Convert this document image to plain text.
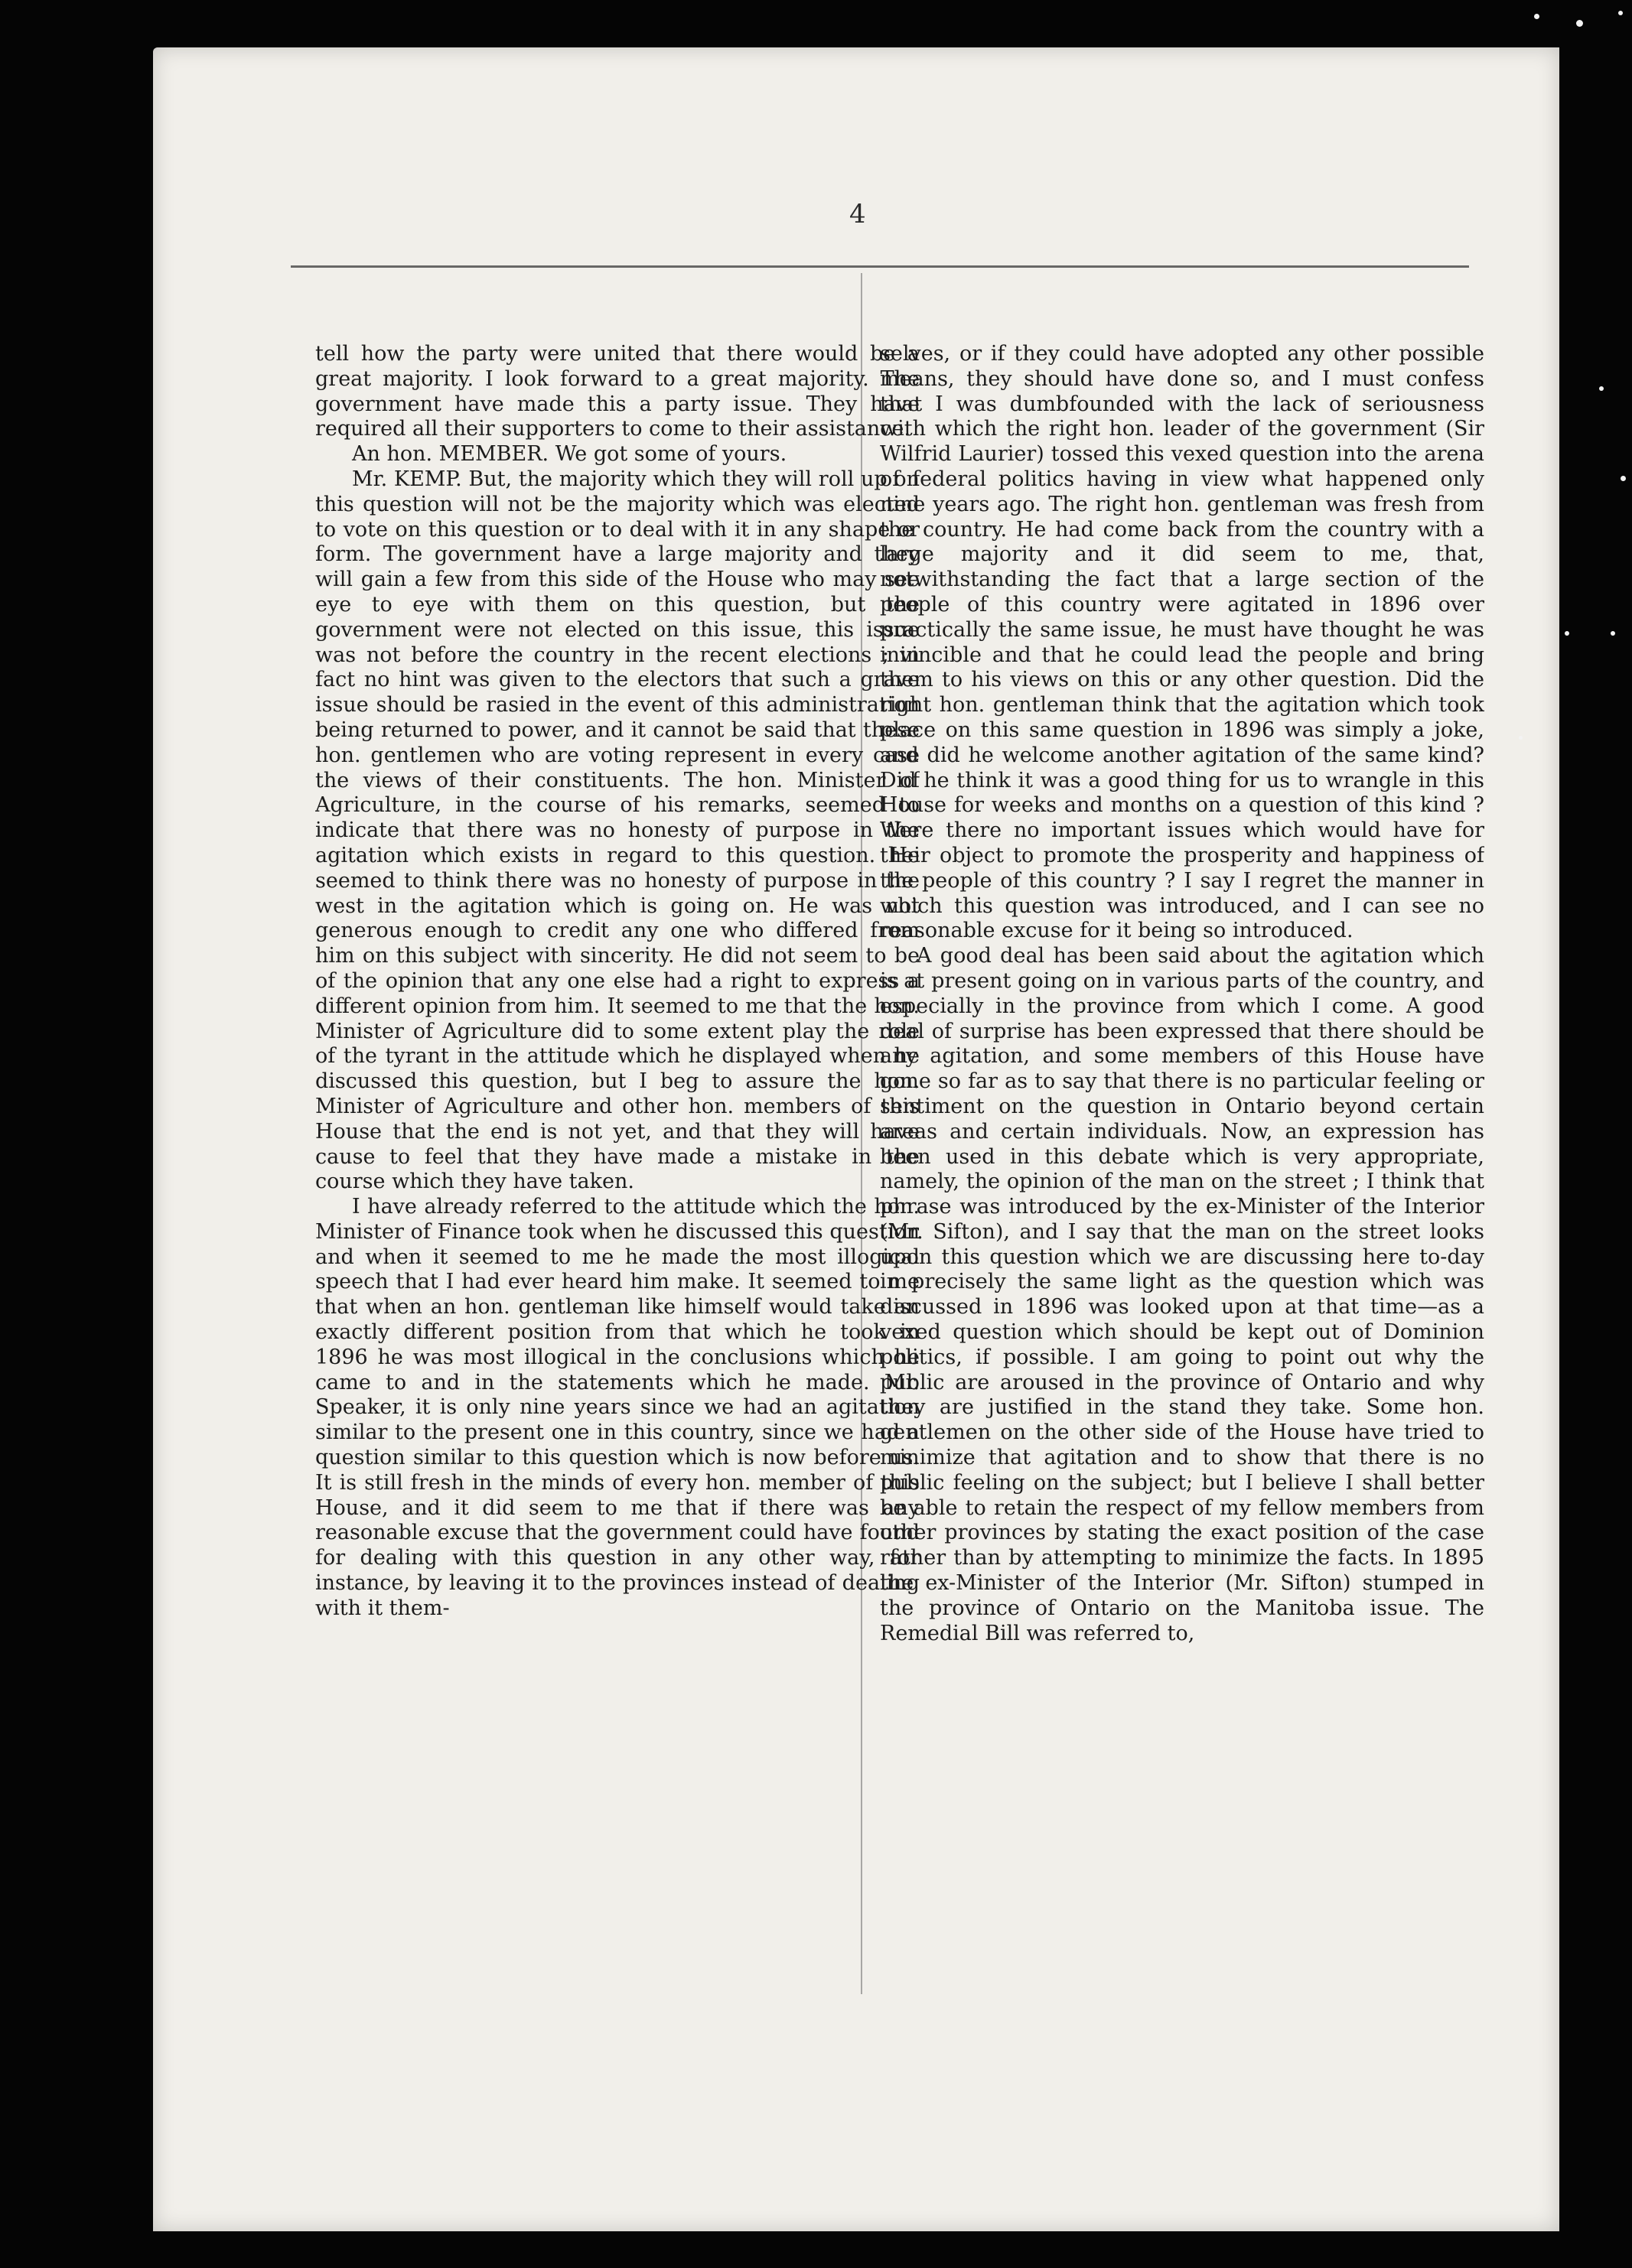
4

tell how the party were united that there would be a great majority. I look forward to a great majority. The government have made this a party issue. They have required all their supporters to come to their assistance.

An hon. MEMBER. We got some of yours.

Mr. KEMP. But, the majority which they will roll up on this question will not be the majority which was elected to vote on this question or to deal with it in any shape or form. The government have a large majority and they will gain a few from this side of the House who may see eye to eye with them on this question, but the government were not elected on this issue, this issue was not before the country in the recent elections ; in fact no hint was given to the electors that such a grave issue should be rasied in the event of this administration being returned to power, and it cannot be said that these hon. gentlemen who are voting represent in every case the views of their constituents. The hon. Minister of Agriculture, in the course of his remarks, seemed to indicate that there was no honesty of purpose in the agitation which exists in regard to this question. He seemed to think there was no honesty of purpose in the west in the agitation which is going on. He was not generous enough to credit any one who differed from him on this subject with sincerity. He did not seem to be of the opinion that any one else had a right to express a different opinion from him. It seemed to me that the hon. Minister of Agriculture did to some extent play the role of the tyrant in the attitude which he displayed when he discussed this question, but I beg to assure the hon. Minister of Agriculture and other hon. members of this House that the end is not yet, and that they will have cause to feel that they have made a mistake in the course which they have taken.

I have already referred to the attitude which the hon. Minister of Finance took when he discussed this question and when it seemed to me he made the most illogical speech that I had ever heard him make. It seemed to me that when an hon. gentleman like himself would take an exactly different position from that which he took in 1896 he was most illogical in the conclusions which he came to and in the statements which he made. Mr. Speaker, it is only nine years since we had an agitation similar to the present one in this country, since we had a question similar to this question which is now before us. It is still fresh in the minds of every hon. member of this House, and it did seem to me that if there was any reasonable excuse that the government could have found for dealing with this question in any other way, for instance, by leaving it to the provinces instead of dealing with it them-

selves, or if they could have adopted any other possible means, they should have done so, and I must confess that I was dumbfounded with the lack of seriousness with which the right hon. leader of the government (Sir Wilfrid Laurier) tossed this vexed question into the arena of federal politics having in view what happened only nine years ago. The right hon. gentleman was fresh from the country. He had come back from the country with a large majority and it did seem to me, that, notwithstanding the fact that a large section of the people of this country were agitated in 1896 over practically the same issue, he must have thought he was invincible and that he could lead the people and bring them to his views on this or any other question. Did the right hon. gentleman think that the agitation which took place on this same question in 1896 was simply a joke, and did he welcome another agitation of the same kind? Did he think it was a good thing for us to wrangle in this House for weeks and months on a question of this kind ? Were there no important issues which would have for their object to promote the prosperity and happiness of the people of this country ? I say I regret the manner in which this question was introduced, and I can see no reasonable excuse for it being so introduced.

A good deal has been said about the agitation which is at present going on in various parts of the country, and especially in the province from which I come. A good deal of surprise has been expressed that there should be any agitation, and some members of this House have gone so far as to say that there is no particular feeling or sentiment on the question in Ontario beyond certain areas and certain individuals. Now, an expression has been used in this debate which is very appropriate, namely, the opinion of the man on the street ; I think that phrase was introduced by the ex-Minister of the Interior (Mr. Sifton), and I say that the man on the street looks upon this question which we are discussing here to-day in precisely the same light as the question which was discussed in 1896 was looked upon at that time—as a vexed question which should be kept out of Dominion politics, if possible. I am going to point out why the public are aroused in the province of Ontario and why they are justified in the stand they take. Some hon. gentlemen on the other side of the House have tried to minimize that agitation and to show that there is no public feeling on the subject; but I believe I shall better be able to retain the respect of my fellow members from other provinces by stating the exact position of the case rather than by attempting to minimize the facts. In 1895 the ex-Minister of the Interior (Mr. Sifton) stumped in the province of Ontario on the Manitoba issue. The Remedial Bill was referred to,
